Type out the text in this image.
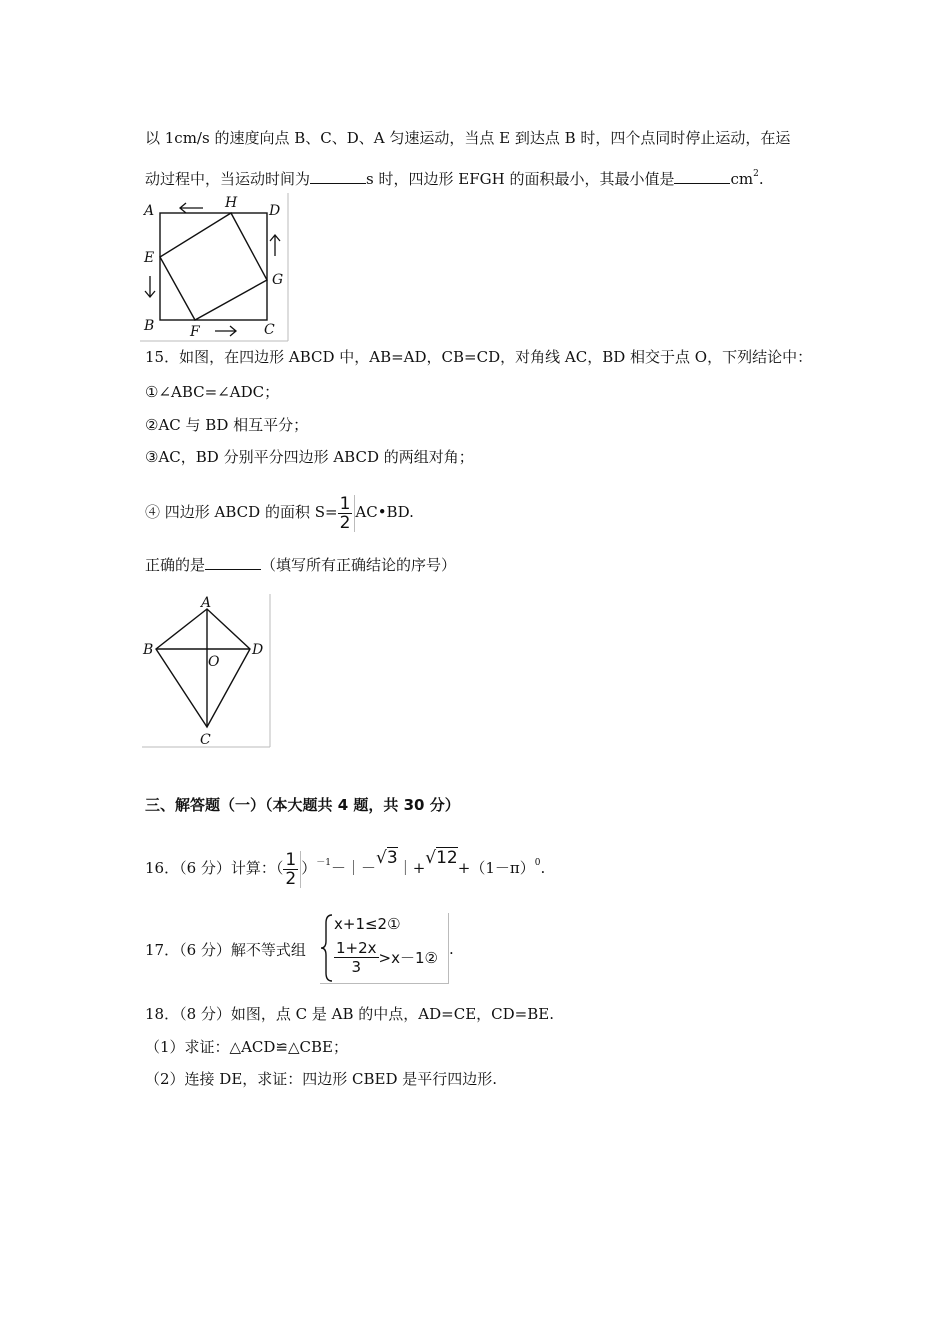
以 1cm/s 的速度向点 B、C、D、A 匀速运动，当点 E 到达点 B 时，四个点同时停止运动，在运
动过程中，当运动时间为	s 时，四边形 EFGH 的面积最小，其最小值是	$cm^2$.
A	H D
E
G
B	F	C
15．如图，在四边形 ABCD 中，AB=AD，CB=CD，对角线 AC，BD 相交于点 O，下列结论中：
①∠ABC=∠ADC；
②AC 与 BD 相互平分；
③AC，BD 分别平分四边形 ABCD 的两组对角；
④ 四边形 ABCD 的面积 $S= \frac{1}{2}$ AC•BD.
正确的是	（填写所有正确结论的序号）
A
B
O
D
C
三、解答题（一）（本大题共 4 题，共 30 分）
16．（6 分）计算：（ $\frac{1}{2}$ ）$^{-1}-|-√3|+√12+(1-\pi)^0$.
17．（6 分）解不等式组
x+1≤2①
$\frac{1+2x}{3}$ >x－1② .
18．（8 分）如图，点 C 是 AB 的中点，AD=CE，CD=BE.
（1）求证：△ACD≌△CBE；
（2）连接 DE，求证：四边形 CBED 是平行四边形.
